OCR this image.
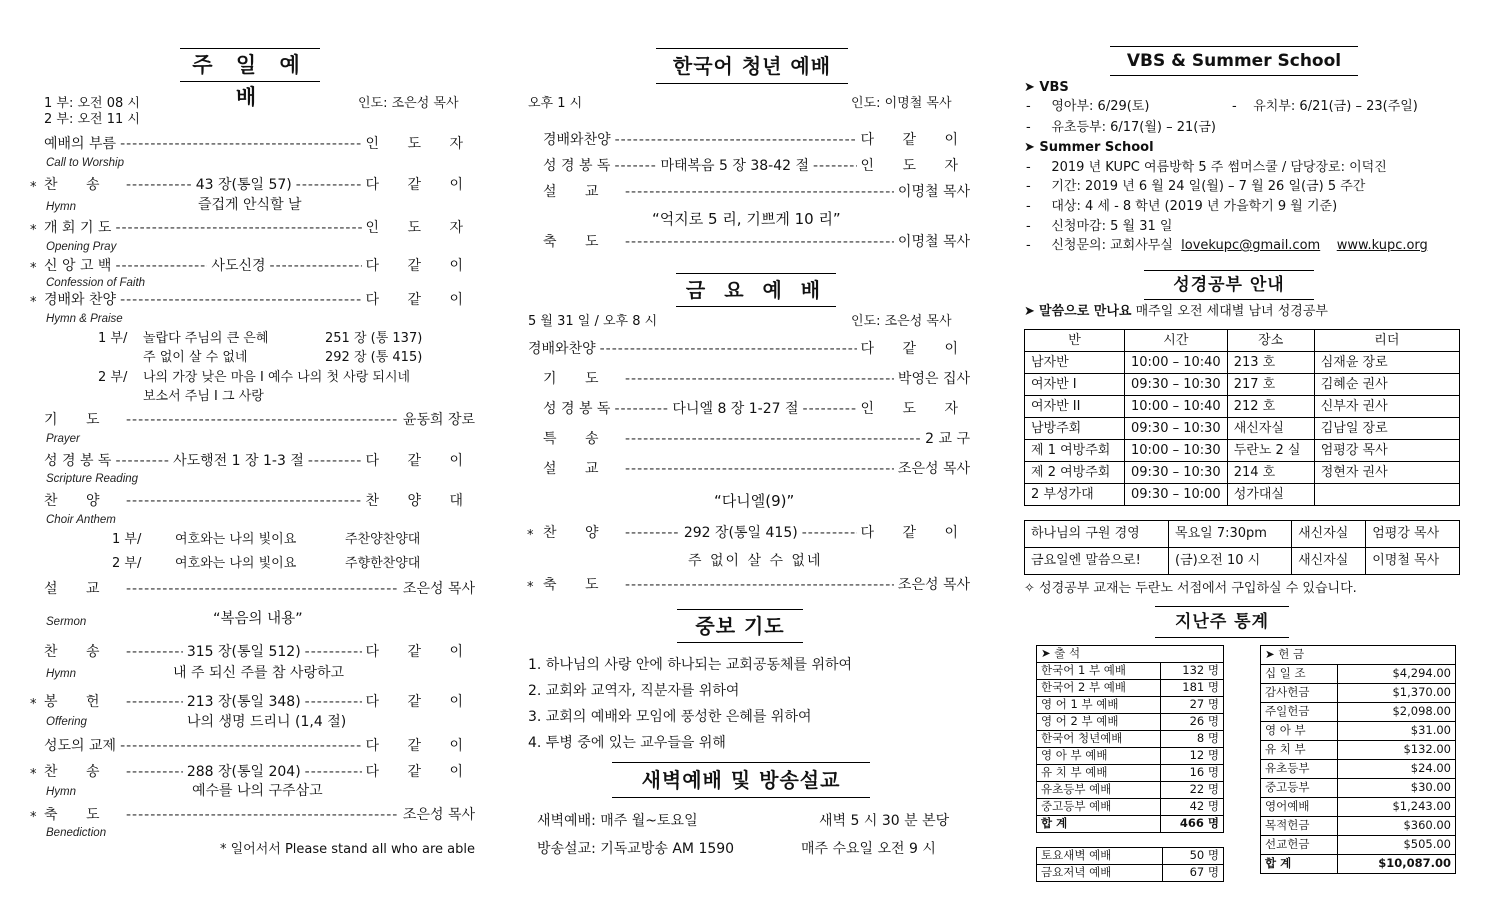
주 일 예 배
1 부: 오전 08 시
2 부: 오전 11 시
인도: 조은성 목사
예배의 부름 -----	인 도 자
Call to Worship
* 찬 송 -----	43 장(통일 57) -----	다 같 이
Hymn	즐겁게 안식할 날
* 개 회 기 도 -----	인 도 자
Opening Pray
* 신 앙 고 백 -----	사도신경 -----	다 같 이
Confession of Faith
* 경배와 찬양 -----	다 같 이
Hymn & Praise
1 부/ 놀랍다 주님의 큰 은혜	251 장 (통 137)
주 없이 살 수 없네	292 장 (통 415)
2 부/ 나의 가장 낮은 마음 I 예수 나의 첫 사랑 되시네
보소서 주님 I 그 사랑
기 도 -----	윤동희 장로
Prayer
성 경 봉 독 -----	사도행전 1 장 1-3 절 -----	다 같 이
Scripture Reading
찬 양 -----	찬 양 대
Choir Anthem
1 부/	여호와는 나의 빛이요	주찬양찬양대
2 부/	여호와는 나의 빛이요	주향한찬양대
설 교 -----	조은성 목사
Sermon	“복음의 내용”
찬 송 -----	315 장(통일 512) -----	다 같 이
Hymn	내 주 되신 주를 참 사랑하고
* 봉 헌 -----	213 장(통일 348) -----	다 같 이
Offering	나의 생명 드리니 (1,4 절)
성도의 교제 -----	다 같 이
* 찬 송 -----	288 장(통일 204) -----	다 같 이
Hymn	예수를 나의 구주삼고
* 축 도 -----	조은성 목사
Benediction
* 일어서서 Please stand all who are able
한국어 청년 예배
오후 1 시	인도: 이명철 목사
경배와찬양 -----	다 같 이
성 경 봉 독 -----	마태복음 5 장 38-42 절 -----	인 도 자
설 교 -----	이명철 목사
“억지로 5 리, 기쁘게 10 리”
축 도 -----	이명철 목사
금 요 예 배
5 월 31 일 / 오후 8 시	인도: 조은성 목사
경배와찬양 -----	다 같 이
기 도 -----	박영은 집사
성 경 봉 독 -----	다니엘 8 장 1-27 절 -----	인 도 자
특 송 -----	2 교 구
설 교 -----	조은성 목사
“다니엘(9)”
* 찬 양 -----	292 장(통일 415) -----	다 같 이
주 없이 살 수 없네
* 축 도 -----	조은성 목사
중보 기도
1. 하나님의 사랑 안에 하나되는 교회공동체를 위하여
2. 교회와 교역자, 직분자를 위하여
3. 교회의 예배와 모임에 풍성한 은혜를 위하여
4. 투병 중에 있는 교우들을 위해
새벽예배 및 방송설교
새벽예배: 매주 월~토요일	새벽 5 시 30 분 본당
방송설교: 기독교방송 AM 1590	매주 수요일 오전 9 시
VBS & Summer School
➤ VBS
-     영아부: 6/29(토)	-    유치부: 6/21(금) – 23(주일)
-     유초등부: 6/17(월) – 21(금)
➤ Summer School
-     2019 년 KUPC 여름방학 5 주 썸머스쿨 / 담당장로: 이덕진
-     기간: 2019 년 6 월 24 일(월) – 7 월 26 일(금) 5 주간
-     대상: 4 세 - 8 학년 (2019 년 가을학기 9 월 기준)
-     신청마감: 5 월 31 일
-     신청문의: 교회사무실 lovekupc@gmail.com www.kupc.org
성경공부 안내
➤ 말씀으로 만나요 매주일 오전 세대별 남녀 성경공부
반	시간	장소	리더
남자반	10:00 – 10:40	213 호	심재윤 장로
여자반 I	09:30 – 10:30	217 호	김혜순 권사
여자반 II	10:00 – 10:40	212 호	신부자 권사
남방주회	09:30 – 10:30	새신자실	김남일 장로
제 1 여방주회	10:00 – 10:30	두란노 2 실	엄평강 목사
제 2 여방주회	09:30 – 10:30	214 호	정현자 권사
2 부성가대	09:30 – 10:00	성가대실	
하나님의 구원 경영	목요일 7:30pm	새신자실	엄평강 목사
금요일엔 말씀으로!	(금)오전 10 시	새신자실	이명철 목사
✧ 성경공부 교재는 두란노 서점에서 구입하실 수 있습니다.
지난주 통계
➤ 출 석	
한국어 1 부 예배	132 명
한국어 2 부 예배	181 명
영 어 1 부 예배	27 명
영 어 2 부 예배	26 명
한국어 청년예배	8 명
영 아 부 예배	12 명
유 치 부 예배	16 명
유초등부 예배	22 명
중고등부 예배	42 명
합 계	466 명
토요새벽 예배	50 명
금요저녁 예배	67 명
➤ 헌 금	
십 일 조	$4,294.00
감사헌금	$1,370.00
주일헌금	$2,098.00
영 아 부	$31.00
유 치 부	$132.00
유초등부	$24.00
중고등부	$30.00
영어예배	$1,243.00
목적헌금	$360.00
선교헌금	$505.00
합 계	$10,087.00
